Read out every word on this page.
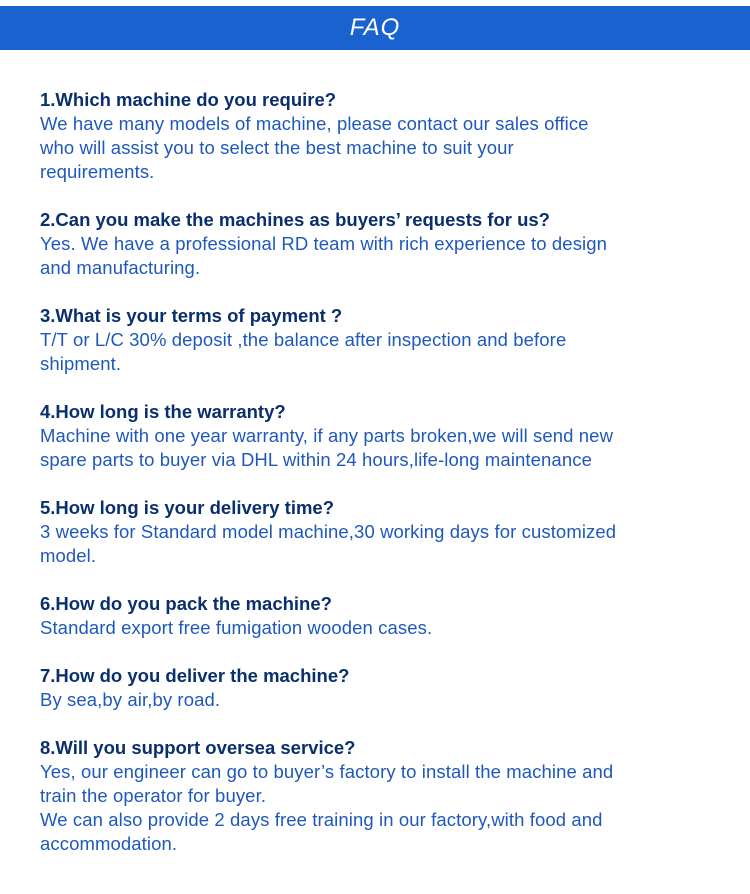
FAQ

1.Which machine do you require?

We have many models of machine, please contact our sales office

who will assist you to select the best machine to suit your

requirements.

2.Can you make the machines as buyers’ requests for us?

Yes. We have a professional RD team with rich experience to design

and manufacturing.

3.What is your terms of payment ?

T/T or L/C 30% deposit ,the balance after inspection and before

shipment.

4.How long is the warranty?

Machine with one year warranty, if any parts broken,we will send new

spare parts to buyer via DHL within 24 hours,life-long maintenance

5.How long is your delivery time?

3 weeks for Standard model machine,30 working days for customized

model.

6.How do you pack the machine?

Standard export free fumigation wooden cases.

7.How do you deliver the machine?

By sea,by air,by road.

8.Will you support oversea service?

Yes, our engineer can go to buyer’s factory to install the machine and

train the operator for buyer.

We can also provide 2 days free training in our factory,with food and

accommodation.
